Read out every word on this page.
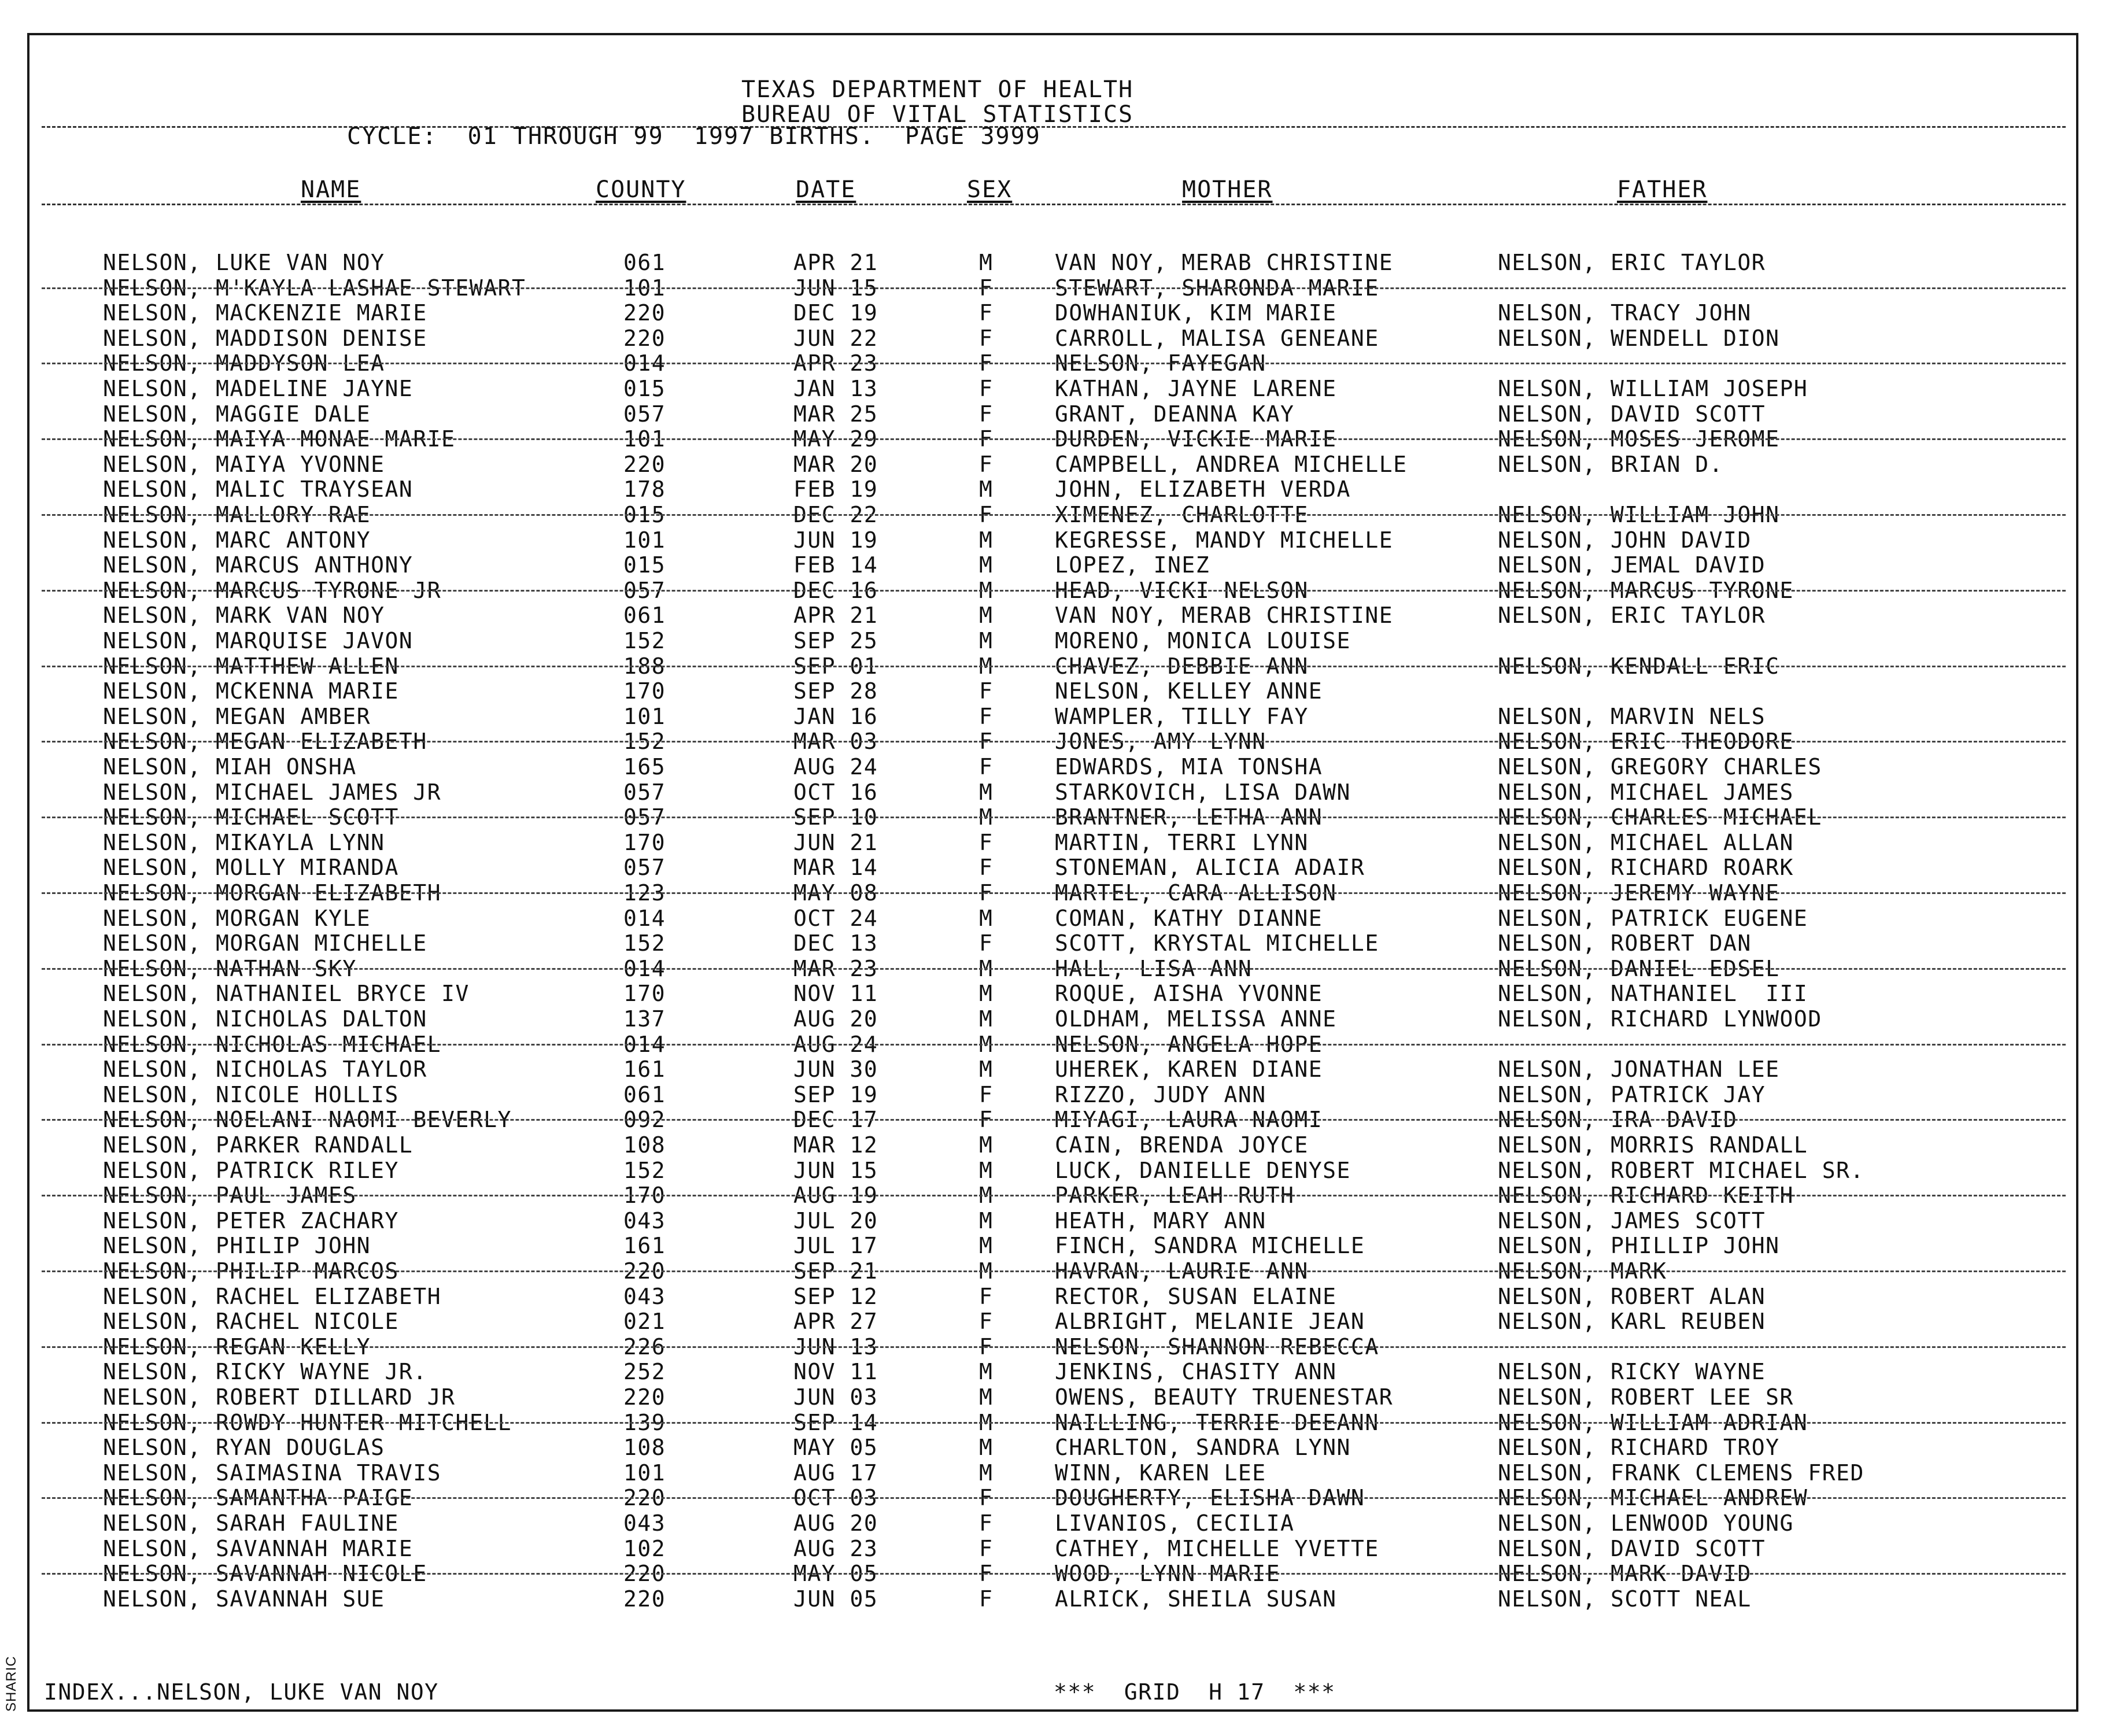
TEXAS DEPARTMENT OF HEALTH
BUREAU OF VITAL STATISTICS
CYCLE:  01 THROUGH 99  1997 BIRTHS.  PAGE 3999
NAME	COUNTY	DATE	SEX	MOTHER	FATHER
NELSON, LUKE VAN NOY	061	APR 21	M	VAN NOY, MERAB CHRISTINE	NELSON, ERIC TAYLOR
NELSON, M'KAYLA LASHAE STEWART	101	JUN 15	F	STEWART, SHARONDA MARIE
NELSON, MACKENZIE MARIE	220	DEC 19	F	DOWHANIUK, KIM MARIE	NELSON, TRACY JOHN
NELSON, MADDISON DENISE	220	JUN 22	F	CARROLL, MALISA GENEANE	NELSON, WENDELL DION
NELSON, MADDYSON LEA	014	APR 23	F	NELSON, FAYEGAN
NELSON, MADELINE JAYNE	015	JAN 13	F	KATHAN, JAYNE LARENE	NELSON, WILLIAM JOSEPH
NELSON, MAGGIE DALE	057	MAR 25	F	GRANT, DEANNA KAY	NELSON, DAVID SCOTT
NELSON, MAIYA MONAE MARIE	101	MAY 29	F	DURDEN, VICKIE MARIE	NELSON, MOSES JEROME
NELSON, MAIYA YVONNE	220	MAR 20	F	CAMPBELL, ANDREA MICHELLE	NELSON, BRIAN D.
NELSON, MALIC TRAYSEAN	178	FEB 19	M	JOHN, ELIZABETH VERDA
NELSON, MALLORY RAE	015	DEC 22	F	XIMENEZ, CHARLOTTE	NELSON, WILLIAM JOHN
NELSON, MARC ANTONY	101	JUN 19	M	KEGRESSE, MANDY MICHELLE	NELSON, JOHN DAVID
NELSON, MARCUS ANTHONY	015	FEB 14	M	LOPEZ, INEZ	NELSON, JEMAL DAVID
NELSON, MARCUS TYRONE JR	057	DEC 16	M	HEAD, VICKI NELSON	NELSON, MARCUS TYRONE
NELSON, MARK VAN NOY	061	APR 21	M	VAN NOY, MERAB CHRISTINE	NELSON, ERIC TAYLOR
NELSON, MARQUISE JAVON	152	SEP 25	M	MORENO, MONICA LOUISE
NELSON, MATTHEW ALLEN	188	SEP 01	M	CHAVEZ, DEBBIE ANN	NELSON, KENDALL ERIC
NELSON, MCKENNA MARIE	170	SEP 28	F	NELSON, KELLEY ANNE
NELSON, MEGAN AMBER	101	JAN 16	F	WAMPLER, TILLY FAY	NELSON, MARVIN NELS
NELSON, MEGAN ELIZABETH	152	MAR 03	F	JONES, AMY LYNN	NELSON, ERIC THEODORE
NELSON, MIAH ONSHA	165	AUG 24	F	EDWARDS, MIA TONSHA	NELSON, GREGORY CHARLES
NELSON, MICHAEL JAMES JR	057	OCT 16	M	STARKOVICH, LISA DAWN	NELSON, MICHAEL JAMES
NELSON, MICHAEL SCOTT	057	SEP 10	M	BRANTNER, LETHA ANN	NELSON, CHARLES MICHAEL
NELSON, MIKAYLA LYNN	170	JUN 21	F	MARTIN, TERRI LYNN	NELSON, MICHAEL ALLAN
NELSON, MOLLY MIRANDA	057	MAR 14	F	STONEMAN, ALICIA ADAIR	NELSON, RICHARD ROARK
NELSON, MORGAN ELIZABETH	123	MAY 08	F	MARTEL, CARA ALLISON	NELSON, JEREMY WAYNE
NELSON, MORGAN KYLE	014	OCT 24	M	COMAN, KATHY DIANNE	NELSON, PATRICK EUGENE
NELSON, MORGAN MICHELLE	152	DEC 13	F	SCOTT, KRYSTAL MICHELLE	NELSON, ROBERT DAN
NELSON, NATHAN SKY	014	MAR 23	M	HALL, LISA ANN	NELSON, DANIEL EDSEL
NELSON, NATHANIEL BRYCE IV	170	NOV 11	M	ROQUE, AISHA YVONNE	NELSON, NATHANIEL  III
NELSON, NICHOLAS DALTON	137	AUG 20	M	OLDHAM, MELISSA ANNE	NELSON, RICHARD LYNWOOD
NELSON, NICHOLAS MICHAEL	014	AUG 24	M	NELSON, ANGELA HOPE
NELSON, NICHOLAS TAYLOR	161	JUN 30	M	UHEREK, KAREN DIANE	NELSON, JONATHAN LEE
NELSON, NICOLE HOLLIS	061	SEP 19	F	RIZZO, JUDY ANN	NELSON, PATRICK JAY
NELSON, NOELANI NAOMI BEVERLY	092	DEC 17	F	MIYAGI, LAURA NAOMI	NELSON, IRA DAVID
NELSON, PARKER RANDALL	108	MAR 12	M	CAIN, BRENDA JOYCE	NELSON, MORRIS RANDALL
NELSON, PATRICK RILEY	152	JUN 15	M	LUCK, DANIELLE DENYSE	NELSON, ROBERT MICHAEL SR.
NELSON, PAUL JAMES	170	AUG 19	M	PARKER, LEAH RUTH	NELSON, RICHARD KEITH
NELSON, PETER ZACHARY	043	JUL 20	M	HEATH, MARY ANN	NELSON, JAMES SCOTT
NELSON, PHILIP JOHN	161	JUL 17	M	FINCH, SANDRA MICHELLE	NELSON, PHILLIP JOHN
NELSON, PHILIP MARCOS	220	SEP 21	M	HAVRAN, LAURIE ANN	NELSON, MARK
NELSON, RACHEL ELIZABETH	043	SEP 12	F	RECTOR, SUSAN ELAINE	NELSON, ROBERT ALAN
NELSON, RACHEL NICOLE	021	APR 27	F	ALBRIGHT, MELANIE JEAN	NELSON, KARL REUBEN
NELSON, REGAN KELLY	226	JUN 13	F	NELSON, SHANNON REBECCA
NELSON, RICKY WAYNE JR.	252	NOV 11	M	JENKINS, CHASITY ANN	NELSON, RICKY WAYNE
NELSON, ROBERT DILLARD JR	220	JUN 03	M	OWENS, BEAUTY TRUENESTAR	NELSON, ROBERT LEE SR
NELSON, ROWDY HUNTER MITCHELL	139	SEP 14	M	NAILLING, TERRIE DEEANN	NELSON, WILLIAM ADRIAN
NELSON, RYAN DOUGLAS	108	MAY 05	M	CHARLTON, SANDRA LYNN	NELSON, RICHARD TROY
NELSON, SAIMASINA TRAVIS	101	AUG 17	M	WINN, KAREN LEE	NELSON, FRANK CLEMENS FRED
NELSON, SAMANTHA PAIGE	220	OCT 03	F	DOUGHERTY, ELISHA DAWN	NELSON, MICHAEL ANDREW
NELSON, SARAH FAULINE	043	AUG 20	F	LIVANIOS, CECILIA	NELSON, LENWOOD YOUNG
NELSON, SAVANNAH MARIE	102	AUG 23	F	CATHEY, MICHELLE YVETTE	NELSON, DAVID SCOTT
NELSON, SAVANNAH NICOLE	220	MAY 05	F	WOOD, LYNN MARIE	NELSON, MARK DAVID
NELSON, SAVANNAH SUE	220	JUN 05	F	ALRICK, SHEILA SUSAN	NELSON, SCOTT NEAL
INDEX...NELSON, LUKE VAN NOY	***  GRID  H 17  ***
SHARIC
